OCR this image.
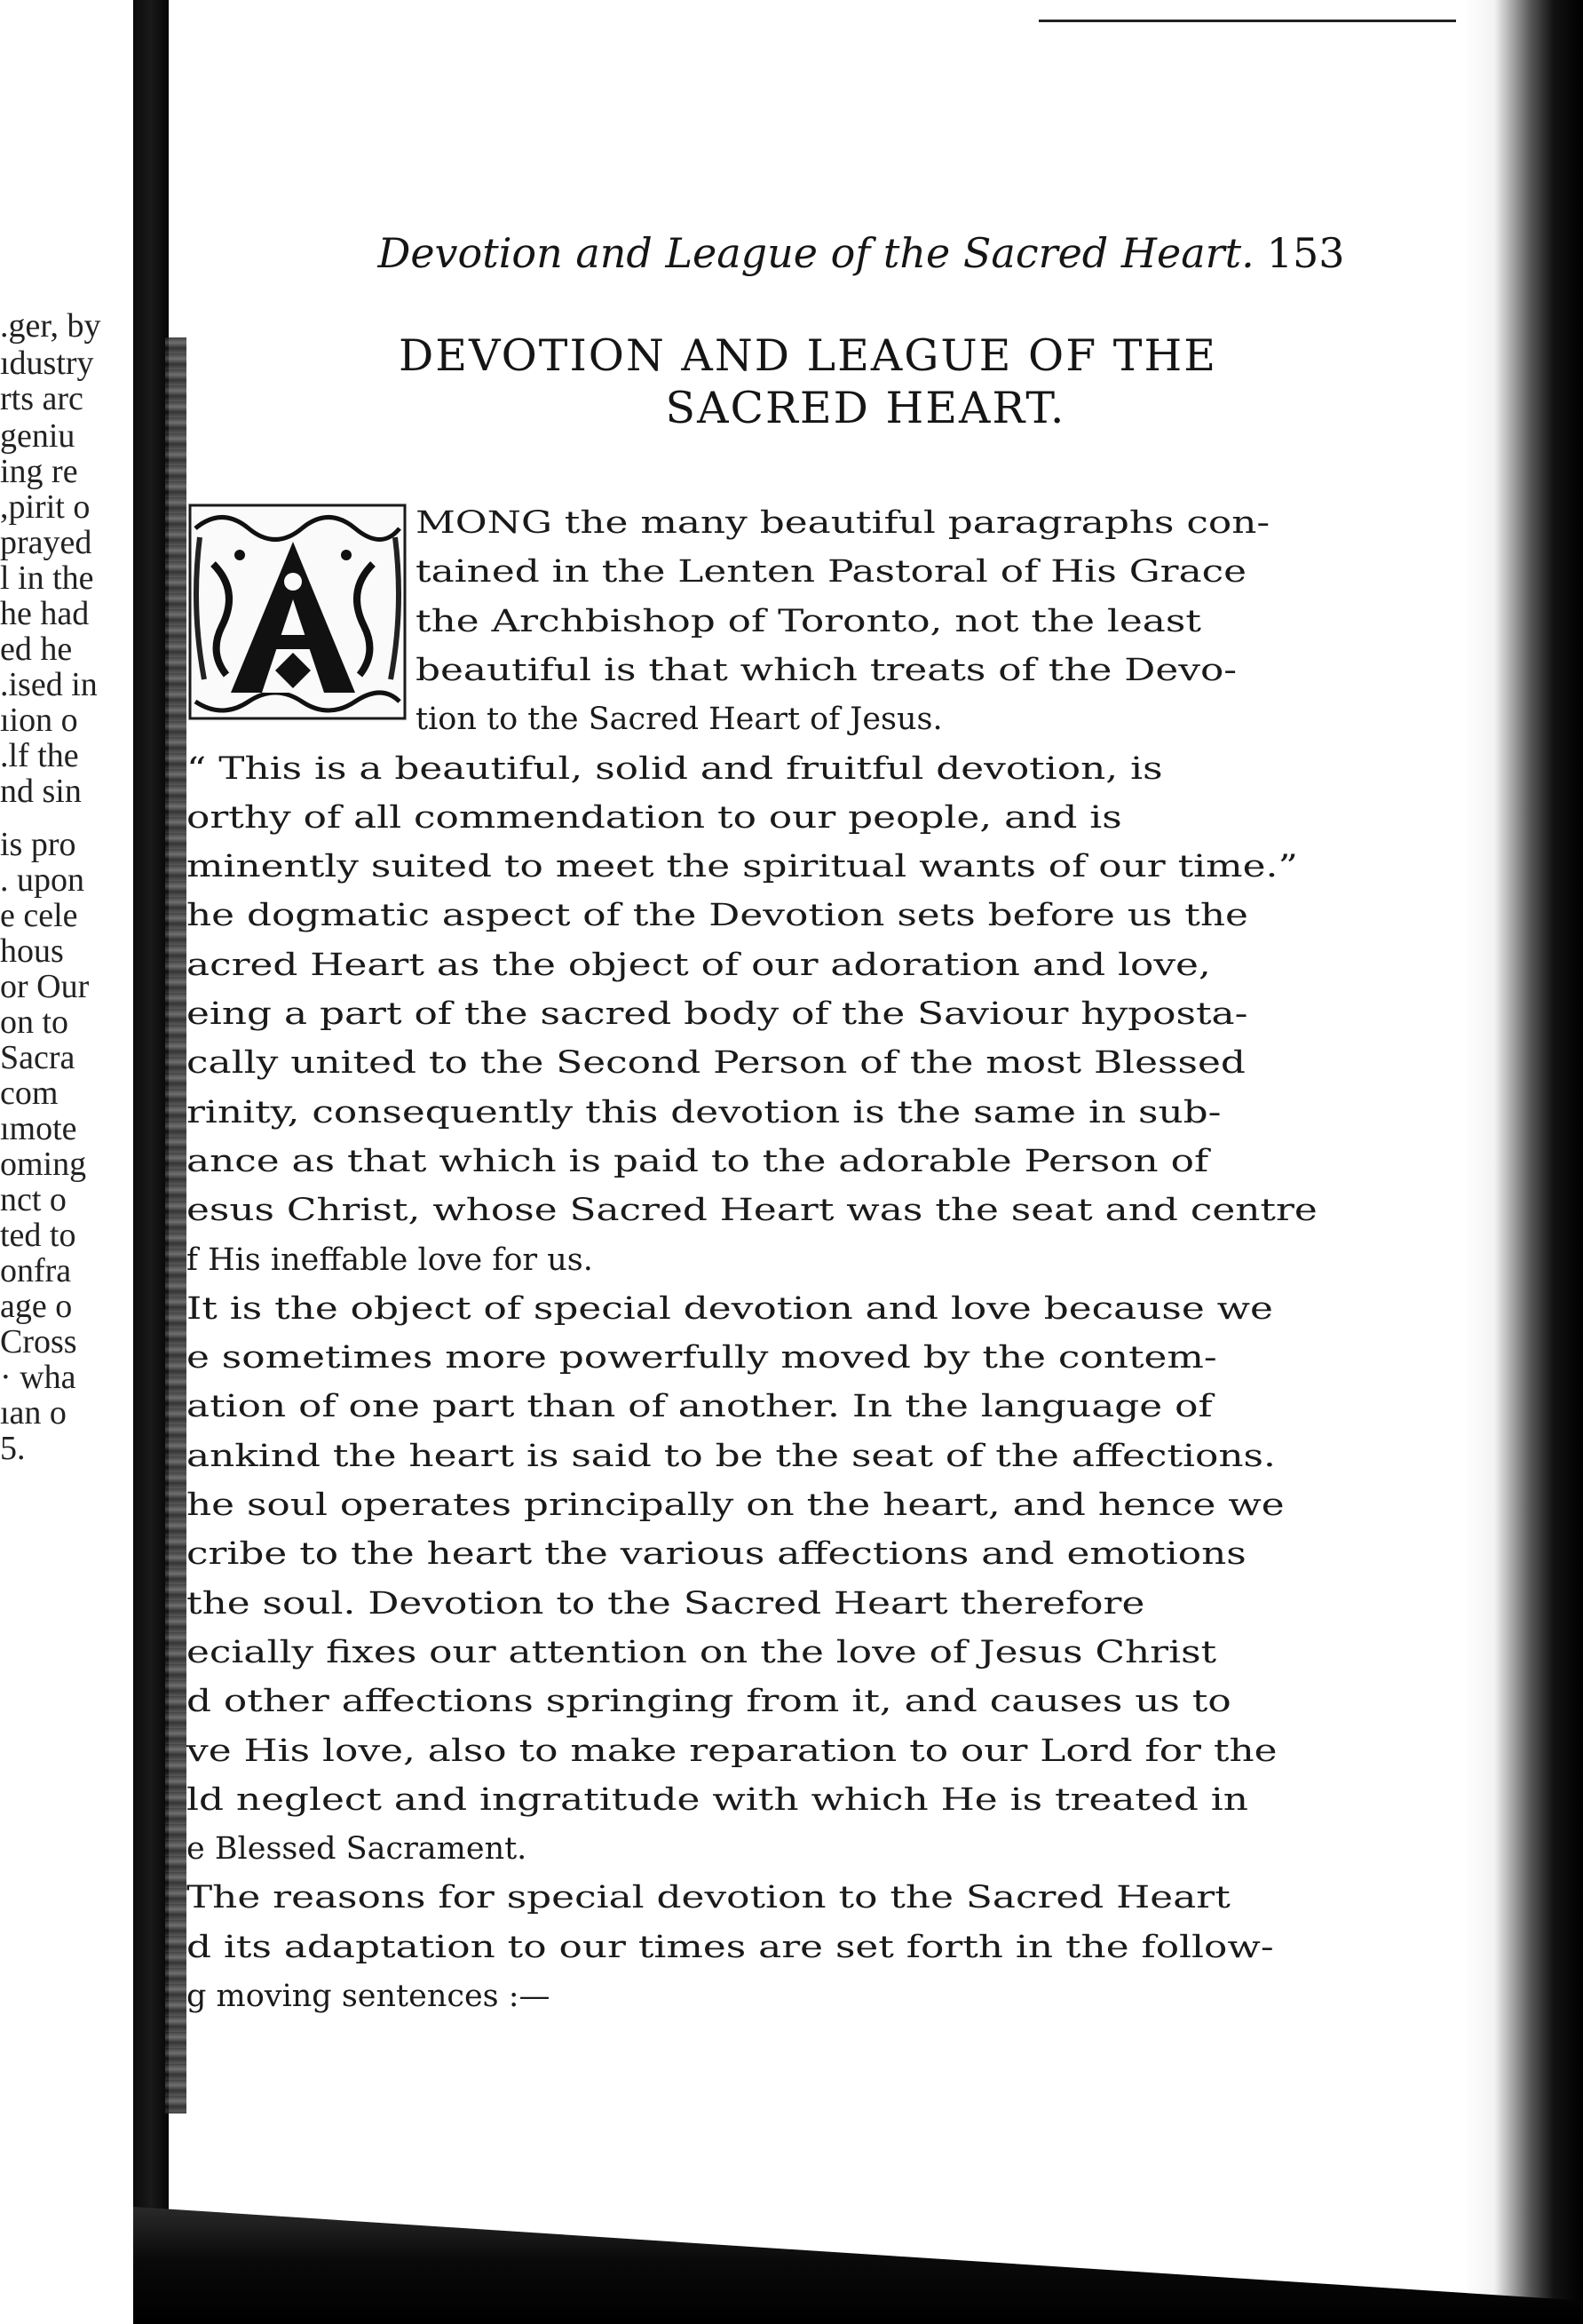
.ger, by
ıdustry
rts arc
geniu
ing re
,pirit o
prayed
l in the
he had
ed he
.ised in
ıion o
.lf the
nd sin
is pro
. upon
e cele
hous
or Our
on to
Sacra
com
ımote
oming
nct o
ted to
onfra
age o
Cross
· wha
ıan o
5.
Devotion and League of the Sacred Heart. 153
DEVOTION AND LEAGUE OF THE
SACRED HEART.
MONG the many beautiful paragraphs con-
tained in the Lenten Pastoral of His Grace
the Archbishop of Toronto, not the least
beautiful is that which treats of the Devo-
tion to the Sacred Heart of Jesus.
“ This is a beautiful, solid and fruitful devotion, is
orthy of all commendation to our people, and is
minently suited to meet the spiritual wants of our time.”
he dogmatic aspect of the Devotion sets before us the
acred Heart as the object of our adoration and love,
eing a part of the sacred body of the Saviour hyposta-
cally united to the Second Person of the most Blessed
rinity, consequently this devotion is the same in sub-
ance as that which is paid to the adorable Person of
esus Christ, whose Sacred Heart was the seat and centre
f His ineffable love for us.
It is the object of special devotion and love because we
e sometimes more powerfully moved by the contem-
ation of one part than of another. In the language of
ankind the heart is said to be the seat of the affections.
he soul operates principally on the heart, and hence we
cribe to the heart the various affections and emotions
the soul. Devotion to the Sacred Heart therefore
ecially fixes our attention on the love of Jesus Christ
d other affections springing from it, and causes us to
ve His love, also to make reparation to our Lord for the
ld neglect and ingratitude with which He is treated in
e Blessed Sacrament.
The reasons for special devotion to the Sacred Heart
d its adaptation to our times are set forth in the follow-
g moving sentences :—
